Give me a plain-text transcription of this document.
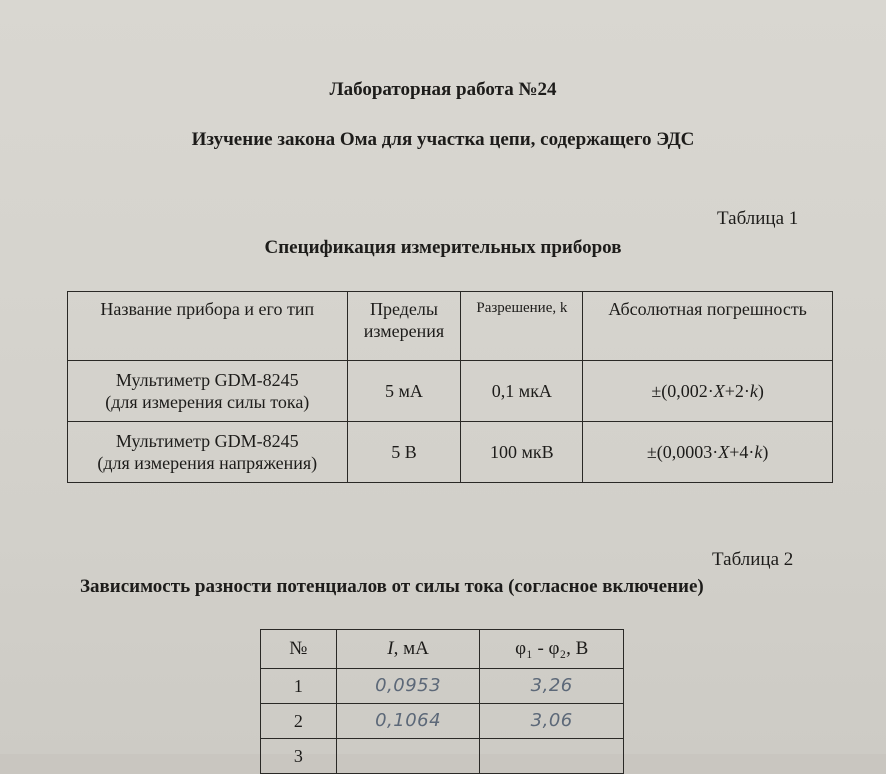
Лабораторная работа №24
Изучение закона Ома для участка цепи, содержащего ЭДС
Таблица 1
Спецификация измерительных приборов
Название прибора и его тип	Пределы измерения	Разрешение, k	Абсолютная погрешность

Мультиметр GDM-8245
(для измерения силы тока)	5 мА	0,1 мкА	±(0,002·X+2·k)

Мультиметр GDM-8245
(для измерения напряжения)	5 В	100 мкВ	±(0,0003·X+4·k)
Таблица 2
Зависимость разности потенциалов от силы тока (согласное включение)
№	I, мА	φ₁ - φ₂, В
1	0,0953	3,26
2	0,1064	3,06
3		
